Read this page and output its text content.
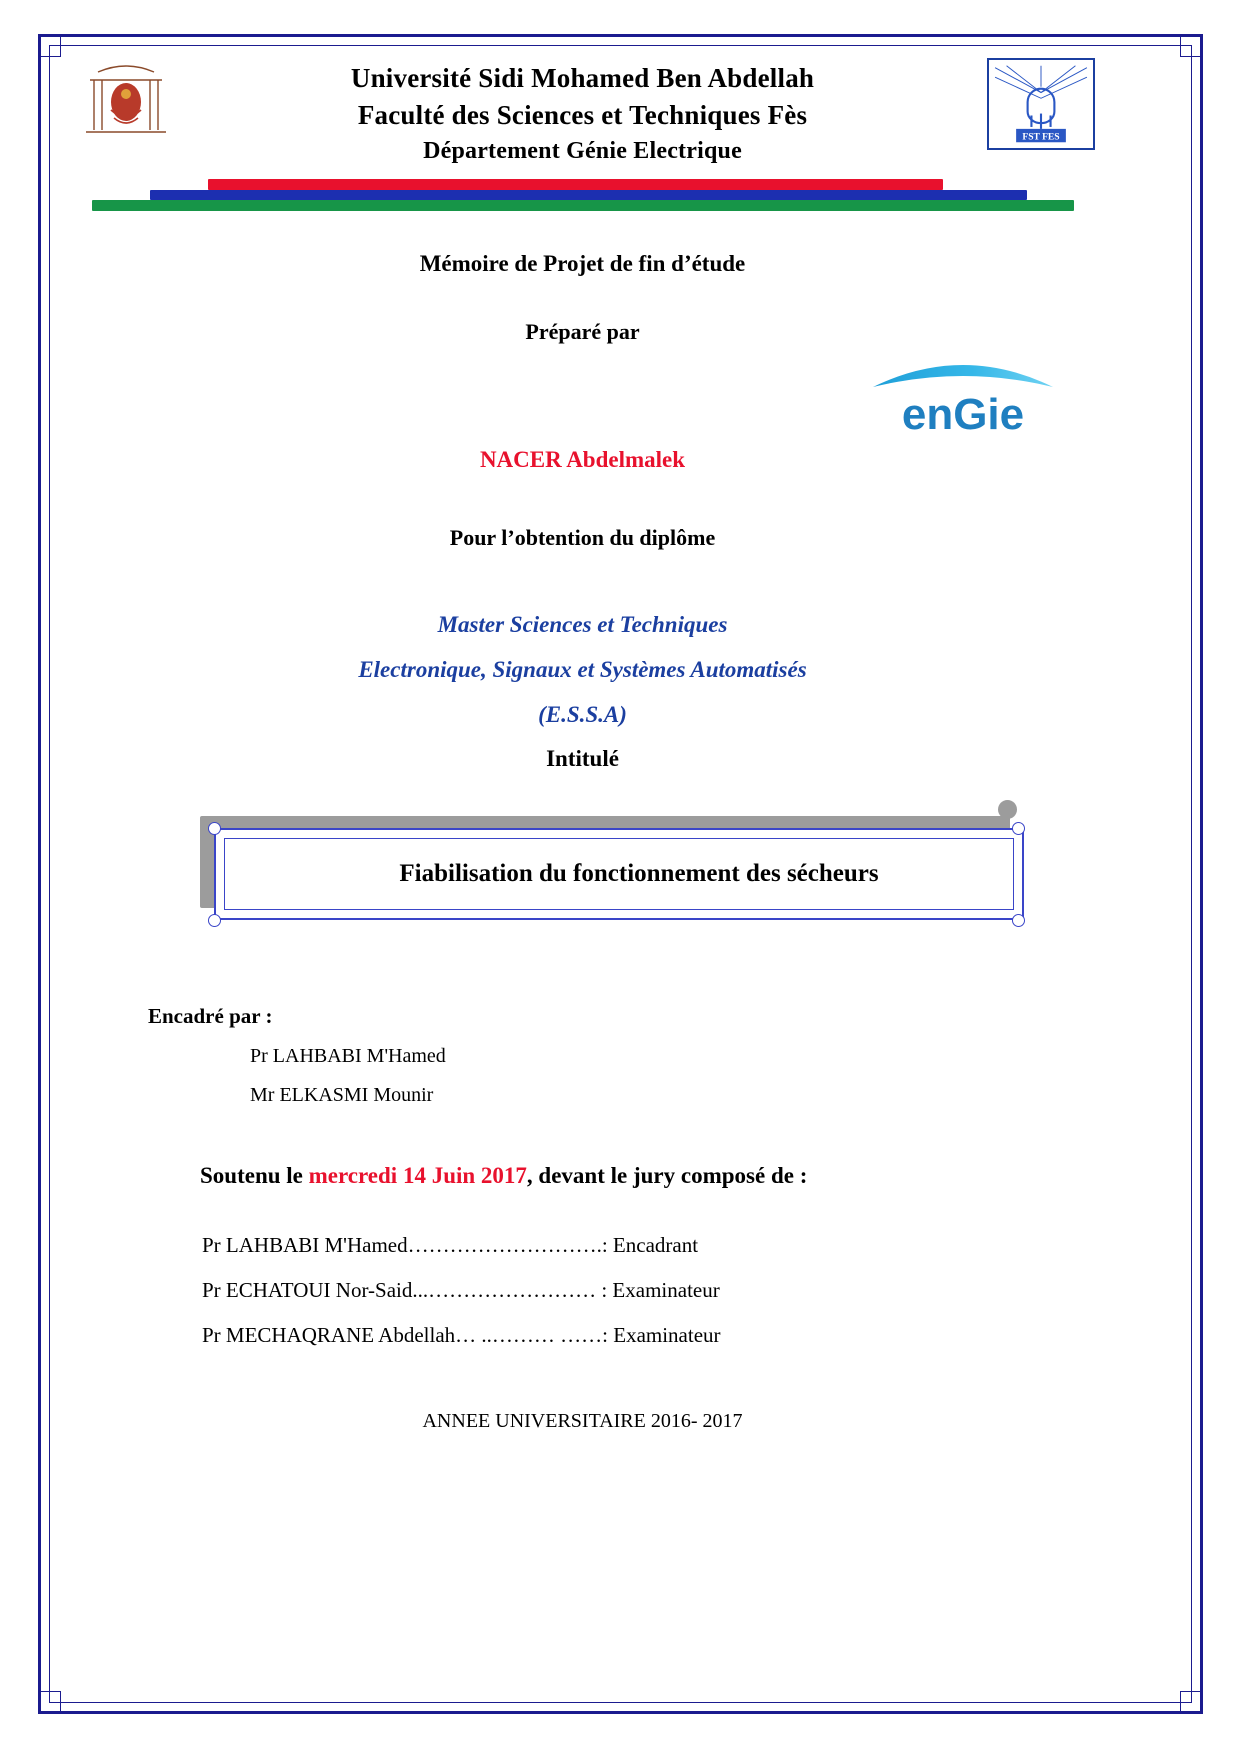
Université Sidi Mohamed Ben Abdellah
Faculté des Sciences et Techniques Fès
Département Génie Electrique
FST FES
Mémoire de Projet de fin d’étude
Préparé par
enGie
NACER Abdelmalek
Pour l’obtention du diplôme
Master Sciences et Techniques
Electronique, Signaux et Systèmes Automatisés
(E.S.S.A)
Intitulé
Fiabilisation du fonctionnement des sécheurs
Encadré par :
Pr LAHBABI M'Hamed
Mr ELKASMI Mounir
Soutenu le mercredi 14 Juin 2017, devant le jury composé de :
Pr LAHBABI M'Hamed……………………….: Encadrant
Pr ECHATOUI Nor-Said...…………………… : Examinateur
Pr MECHAQRANE Abdellah… ..……… ……: Examinateur
ANNEE UNIVERSITAIRE 2016- 2017
